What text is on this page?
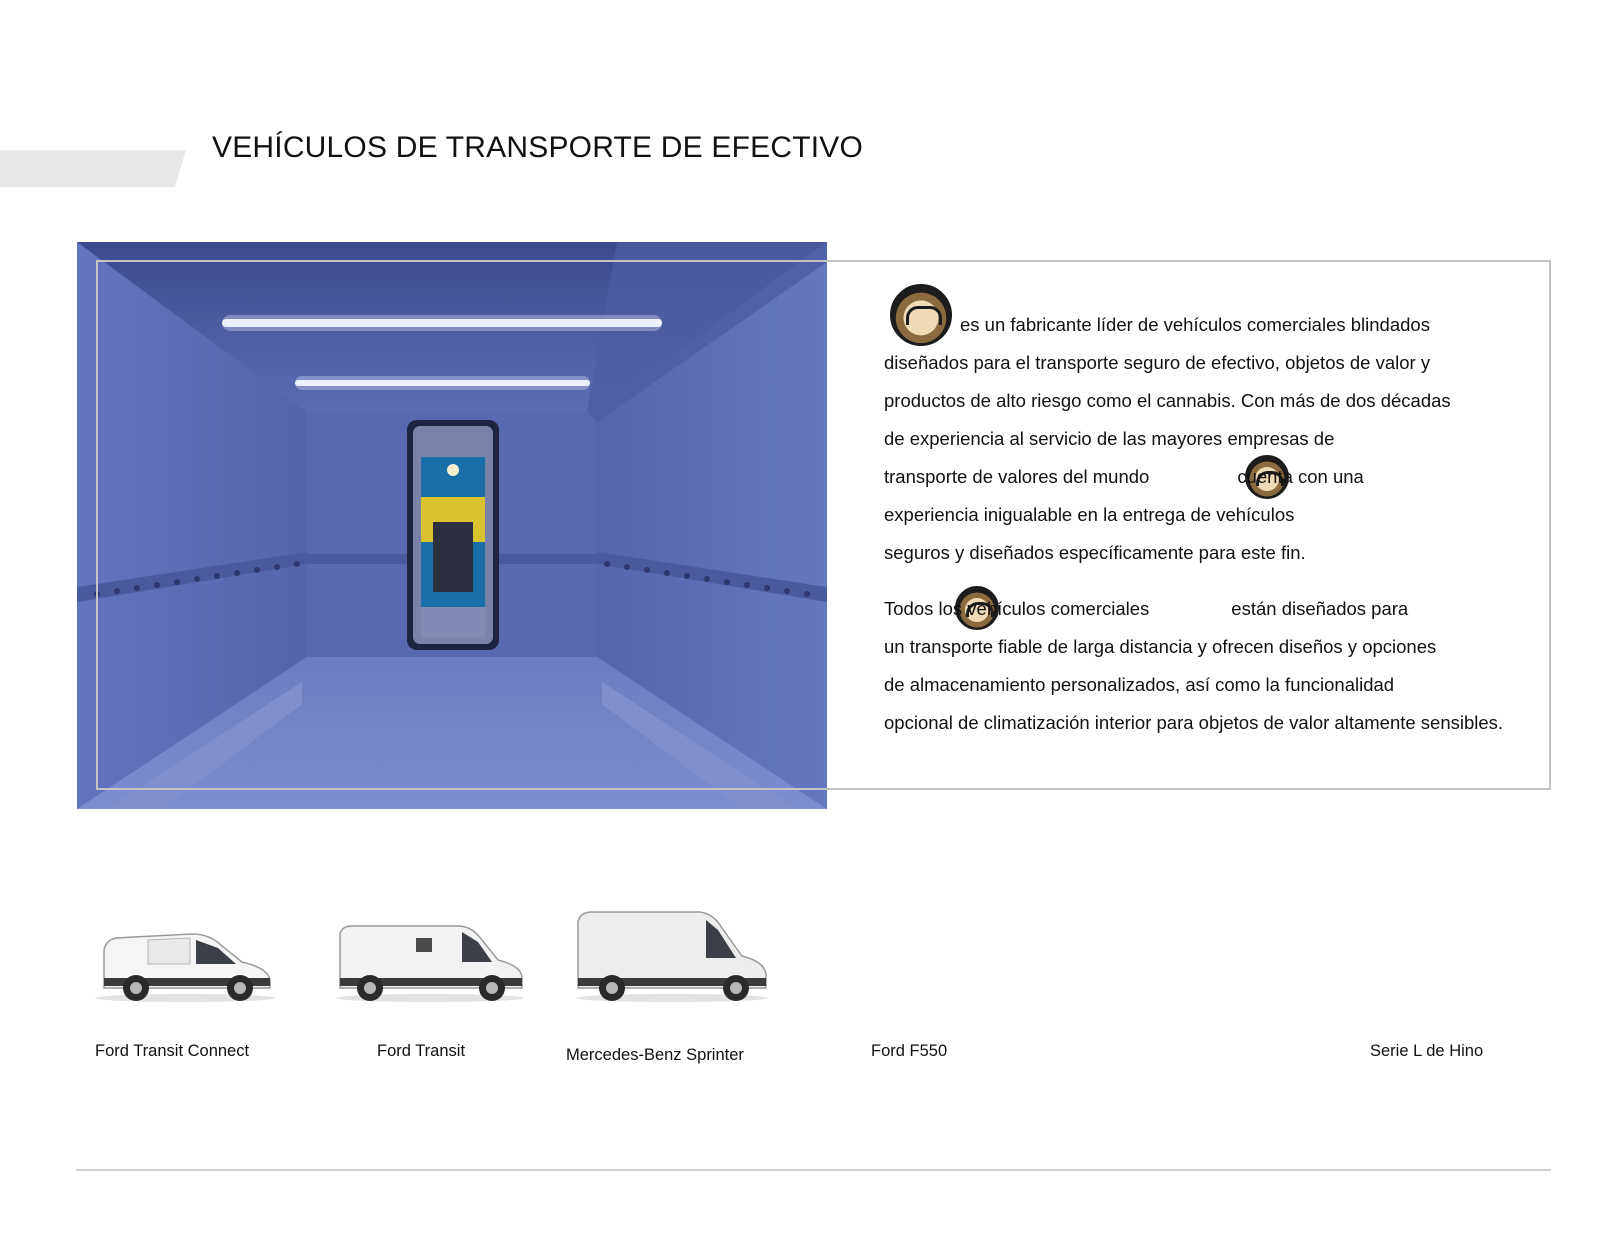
VEHÍCULOS DE TRANSPORTE DE EFECTIVO

es un fabricante líder de vehículos comerciales blindados

diseñados para el transporte seguro de efectivo, objetos de valor y

productos de alto riesgo como el cannabis. Con más de dos décadas

de experiencia al servicio de las mayores empresas de

transporte de valores del mundo	cuenta con una

experiencia inigualable en la entrega de vehículos

seguros y diseñados específicamente para este fin.

Todos los vehículos comerciales	están diseñados para

un transporte fiable de larga distancia y ofrecen diseños y opciones

de almacenamiento personalizados, así como la funcionalidad

opcional de climatización interior para objetos de valor altamente sensibles.

Ford Transit Connect	Ford Transit	Mercedes-Benz Sprinter	Ford F550	Serie L de Hino
